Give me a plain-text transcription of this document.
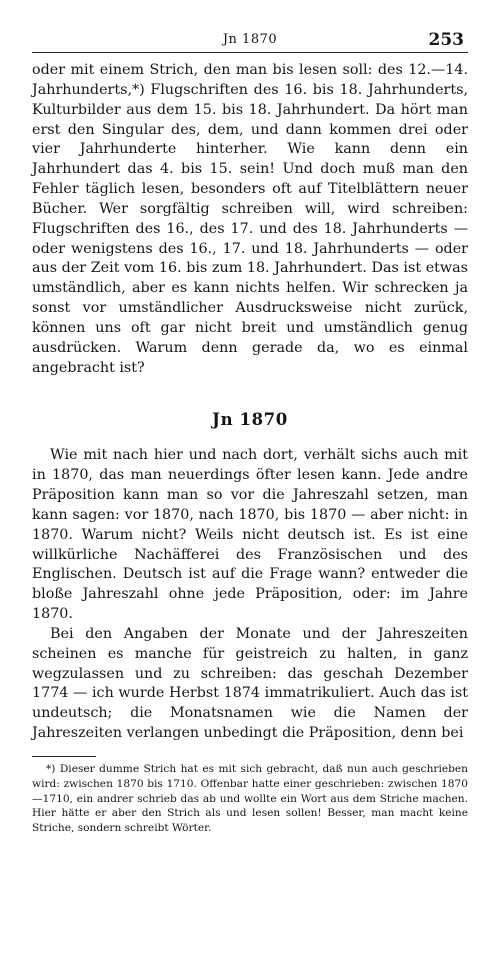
Jn 1870	253

oder mit einem Strich, den man bis lesen soll: des 12.—14. Jahrhunderts,*) Flugschriften des 16. bis 18. Jahrhunderts, Kulturbilder aus dem 15. bis 18. Jahrhundert. Da hört man erst den Singular des, dem, und dann kommen drei oder vier Jahrhunderte hinterher. Wie kann denn ein Jahrhundert das 4. bis 15. sein! Und doch muß man den Fehler täglich lesen, besonders oft auf Titelblättern neuer Bücher. Wer sorgfältig schreiben will, wird schreiben: Flugschriften des 16., des 17. und des 18. Jahrhunderts — oder wenigstens des 16., 17. und 18. Jahrhunderts — oder aus der Zeit vom 16. bis zum 18. Jahrhundert. Das ist etwas umständlich, aber es kann nichts helfen. Wir schrecken ja sonst vor umständlicher Ausdrucksweise nicht zurück, können uns oft gar nicht breit und umständlich genug ausdrücken. Warum denn gerade da, wo es einmal angebracht ist?

Jn 1870

Wie mit nach hier und nach dort, verhält sichs auch mit in 1870, das man neuerdings öfter lesen kann. Jede andre Präposition kann man so vor die Jahreszahl setzen, man kann sagen: vor 1870, nach 1870, bis 1870 — aber nicht: in 1870. Warum nicht? Weils nicht deutsch ist. Es ist eine willkürliche Nachäfferei des Französischen und des Englischen. Deutsch ist auf die Frage wann? entweder die bloße Jahreszahl ohne jede Präposition, oder: im Jahre 1870.

Bei den Angaben der Monate und der Jahreszeiten scheinen es manche für geistreich zu halten, in ganz wegzulassen und zu schreiben: das geschah Dezember 1774 — ich wurde Herbst 1874 immatrikuliert. Auch das ist undeutsch; die Monatsnamen wie die Namen der Jahreszeiten verlangen unbedingt die Präposition, denn bei

*) Dieser dumme Strich hat es mit sich gebracht, daß nun auch geschrieben wird: zwischen 1870 bis 1710. Offenbar hatte einer geschrieben: zwischen 1870—1710, ein andrer schrieb das ab und wollte ein Wort aus dem Striche machen. Hier hätte er aber den Strich als und lesen sollen! Besser, man macht keine Striche, sondern schreibt Wörter.
